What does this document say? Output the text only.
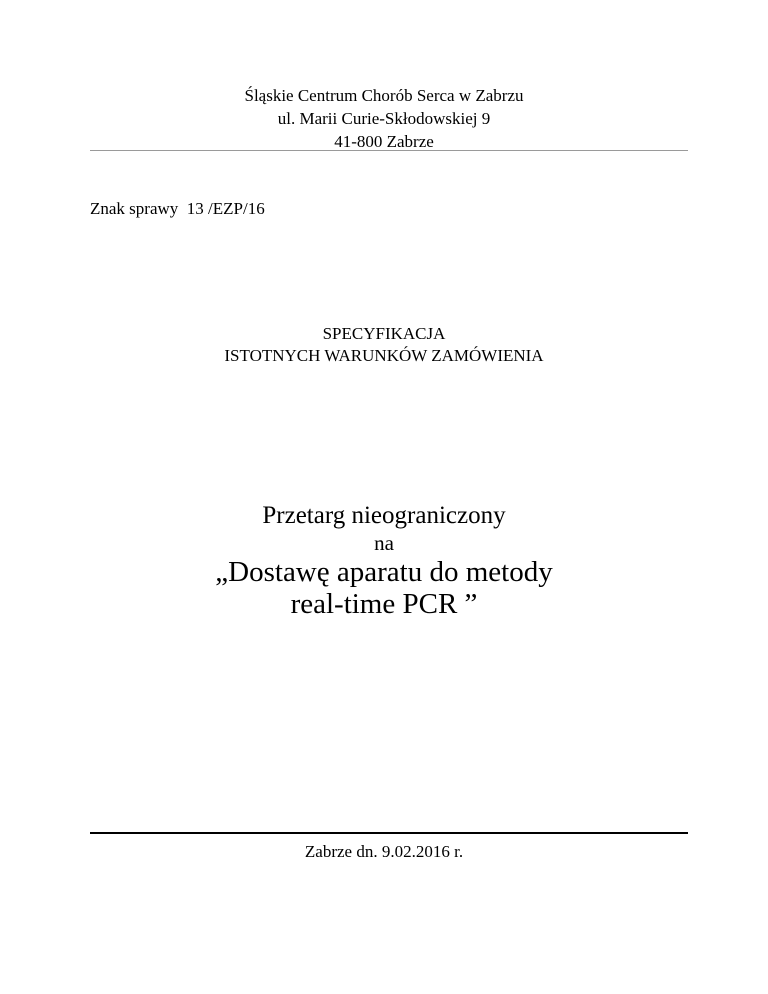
Śląskie Centrum Chorób Serca w Zabrzu
ul. Marii Curie-Skłodowskiej 9
41-800 Zabrze
Znak sprawy  13 /EZP/16
SPECYFIKACJA
ISTOTNYCH WARUNKÓW ZAMÓWIENIA
Przetarg nieograniczony
na
„Dostawę aparatu do metody
real-time PCR ”
Zabrze dn. 9.02.2016 r.
